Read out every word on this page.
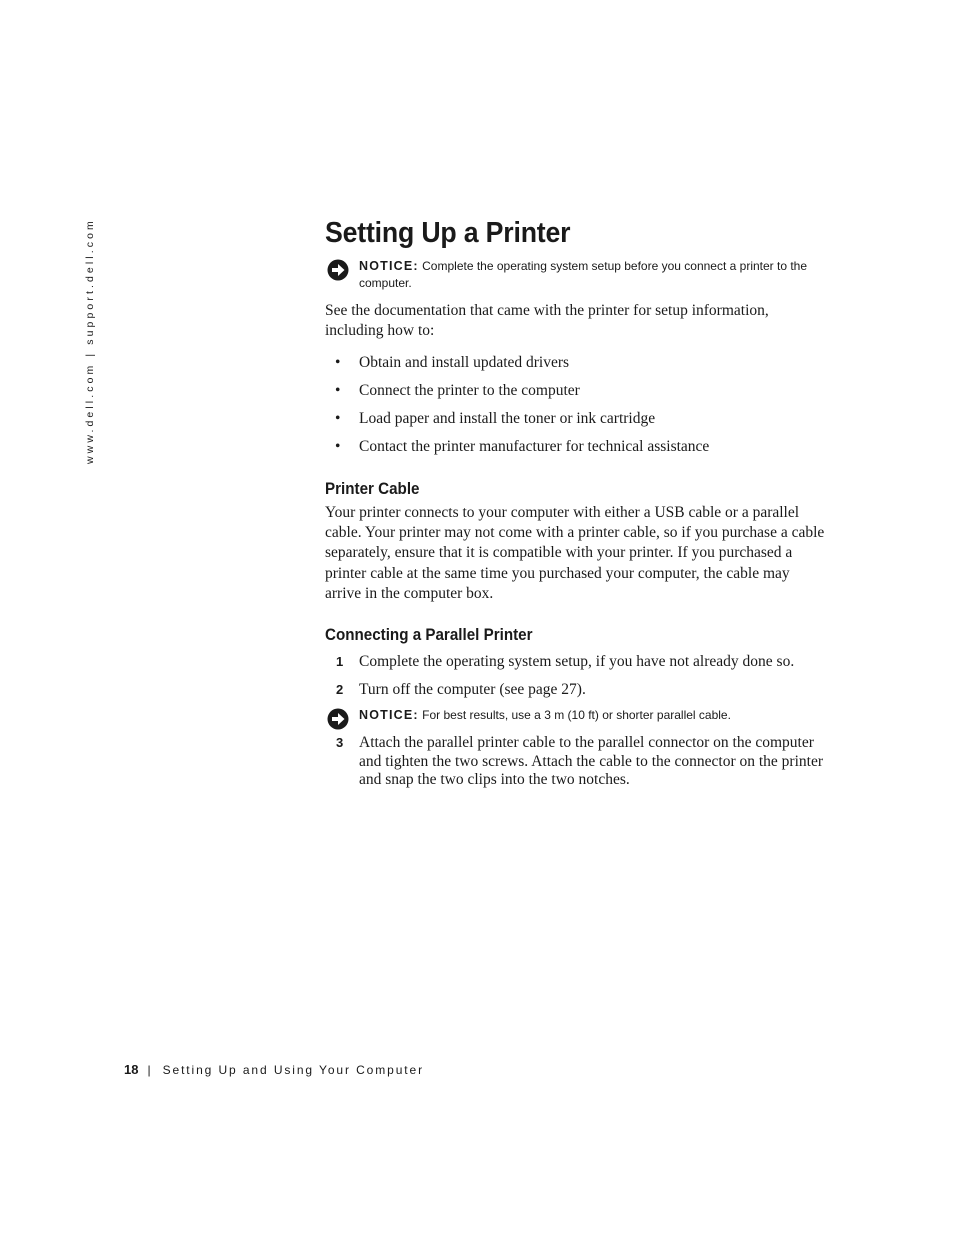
www.dell.com | support.dell.com	Setting Up a Printer
NOTICE: Complete the operating system setup before you connect a printer to the computer.

See the documentation that came with the printer for setup information, including how to:

• Obtain and install updated drivers
• Connect the printer to the computer
• Load paper and install the toner or ink cartridge
• Contact the printer manufacturer for technical assistance
Printer Cable

Your printer connects to your computer with either a USB cable or a parallel cable. Your printer may not come with a printer cable, so if you purchase a cable separately, ensure that it is compatible with your printer. If you purchased a printer cable at the same time you purchased your computer, the cable may arrive in the computer box.

Connecting a Parallel Printer
1 Complete the operating system setup, if you have not already done so.
2 Turn off the computer (see page 27).
NOTICE: For best results, use a 3 m (10 ft) or shorter parallel cable.
3 Attach the parallel printer cable to the parallel connector on the computer and tighten the two screws. Attach the cable to the connector on the printer and snap the two clips into the two notches.
18 | Setting Up and Using Your Computer
